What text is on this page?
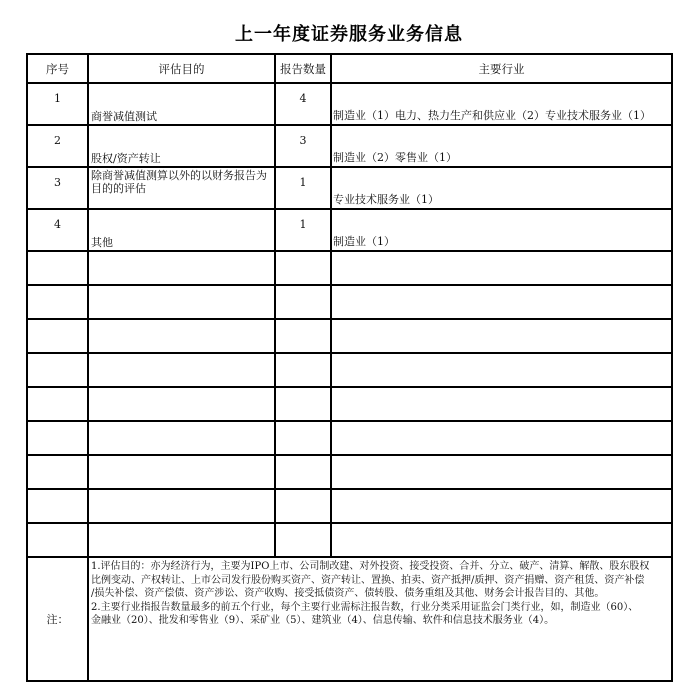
上一年度证券服务业务信息
序号	评估目的	报告数量	主要行业
1	商誉减值测试	4	制造业（1）电力、热力生产和供应业（2）专业技术服务业（1）
2	股权/资产转让	3	制造业（2）零售业（1）
3	除商誉减值测算以外的以财务报告为目的的评估	1	专业技术服务业（1）
4	其他	1	制造业（1）

注：	1.评估目的：亦为经济行为，主要为IPO上市、公司制改建、对外投资、接受投资、合并、分立、破产、清算、解散、股东股权
比例变动、产权转让、上市公司发行股份购买资产、资产转让、置换、拍卖、资产抵押/质押、资产捐赠、资产租赁、资产补偿
/损失补偿、资产偿债、资产涉讼、资产收购、接受抵债资产、债转股、债务重组及其他、财务会计报告目的、其他。
2.主要行业指报告数量最多的前五个行业，每个主要行业需标注报告数，行业分类采用证监会门类行业，如，制造业（60）、
金融业（20）、批发和零售业（9）、采矿业（5）、建筑业（4）、信息传输、软件和信息技术服务业（4）。		
